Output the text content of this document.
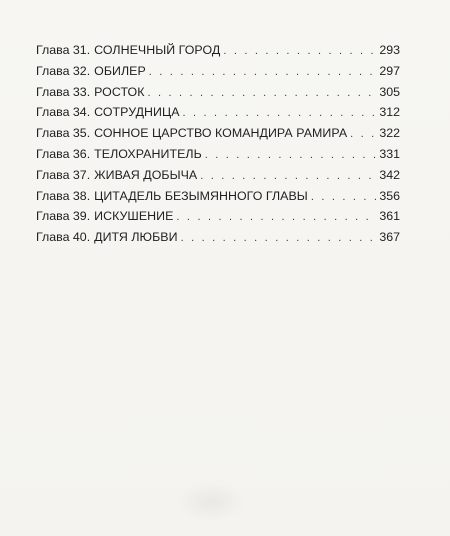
Глава 31. СОЛНЕЧНЫЙ ГОРОД . . .	293
Глава 32. ОБИЛЕР . . .	297
Глава 33. РОСТОК . . .	305
Глава 34. СОТРУДНИЦА . . .	312
Глава 35. СОННОЕ ЦАРСТВО КОМАНДИРА РАМИРА . . .	322
Глава 36. ТЕЛОХРАНИТЕЛЬ . . .	331
Глава 37. ЖИВАЯ ДОБЫЧА . . .	342
Глава 38. ЦИТАДЕЛЬ БЕЗЫМЯННОГО ГЛАВЫ . . .	356
Глава 39. ИСКУШЕНИЕ . . .	361
Глава 40. ДИТЯ ЛЮБВИ . . .	367
